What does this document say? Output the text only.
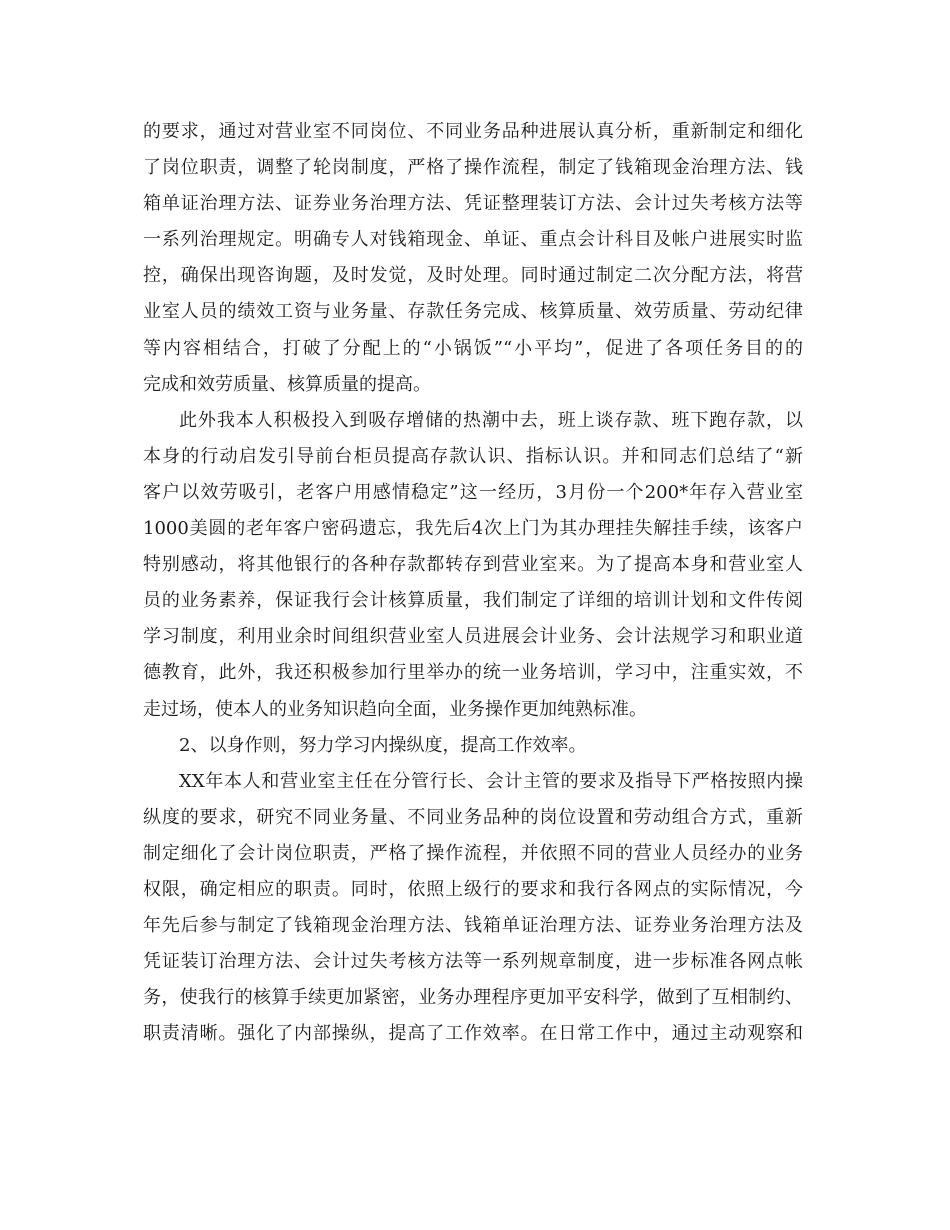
的要求，通过对营业室不同岗位、不同业务品种进展认真分析，重新制定和细化
了岗位职责，调整了轮岗制度，严格了操作流程，制定了钱箱现金治理方法、钱
箱单证治理方法、证券业务治理方法、凭证整理装订方法、会计过失考核方法等
一系列治理规定。明确专人对钱箱现金、单证、重点会计科目及帐户进展实时监
控，确保出现咨询题，及时发觉，及时处理。同时通过制定二次分配方法，将营
业室人员的绩效工资与业务量、存款任务完成、核算质量、效劳质量、劳动纪律
等内容相结合，打破了分配上的“小锅饭”“小平均”，促进了各项任务目的的
完成和效劳质量、核算质量的提高。
此外我本人积极投入到吸存增储的热潮中去，班上谈存款、班下跑存款，以
本身的行动启发引导前台柜员提高存款认识、指标认识。并和同志们总结了“新
客户以效劳吸引，老客户用感情稳定”这一经历，3月份一个200*年存入营业室
1000美圆的老年客户密码遗忘，我先后4次上门为其办理挂失解挂手续，该客户
特别感动，将其他银行的各种存款都转存到营业室来。为了提高本身和营业室人
员的业务素养，保证我行会计核算质量，我们制定了详细的培训计划和文件传阅
学习制度，利用业余时间组织营业室人员进展会计业务、会计法规学习和职业道
德教育，此外，我还积极参加行里举办的统一业务培训，学习中，注重实效，不
走过场，使本人的业务知识趋向全面，业务操作更加纯熟标准。
2、以身作则，努力学习内操纵度，提高工作效率。
XX年本人和营业室主任在分管行长、会计主管的要求及指导下严格按照内操
纵度的要求，研究不同业务量、不同业务品种的岗位设置和劳动组合方式，重新
制定细化了会计岗位职责，严格了操作流程，并依照不同的营业人员经办的业务
权限，确定相应的职责。同时，依照上级行的要求和我行各网点的实际情况，今
年先后参与制定了钱箱现金治理方法、钱箱单证治理方法、证券业务治理方法及
凭证装订治理方法、会计过失考核方法等一系列规章制度，进一步标准各网点帐
务，使我行的核算手续更加紧密，业务办理程序更加平安科学，做到了互相制约、
职责清晰。强化了内部操纵，提高了工作效率。在日常工作中，通过主动观察和
